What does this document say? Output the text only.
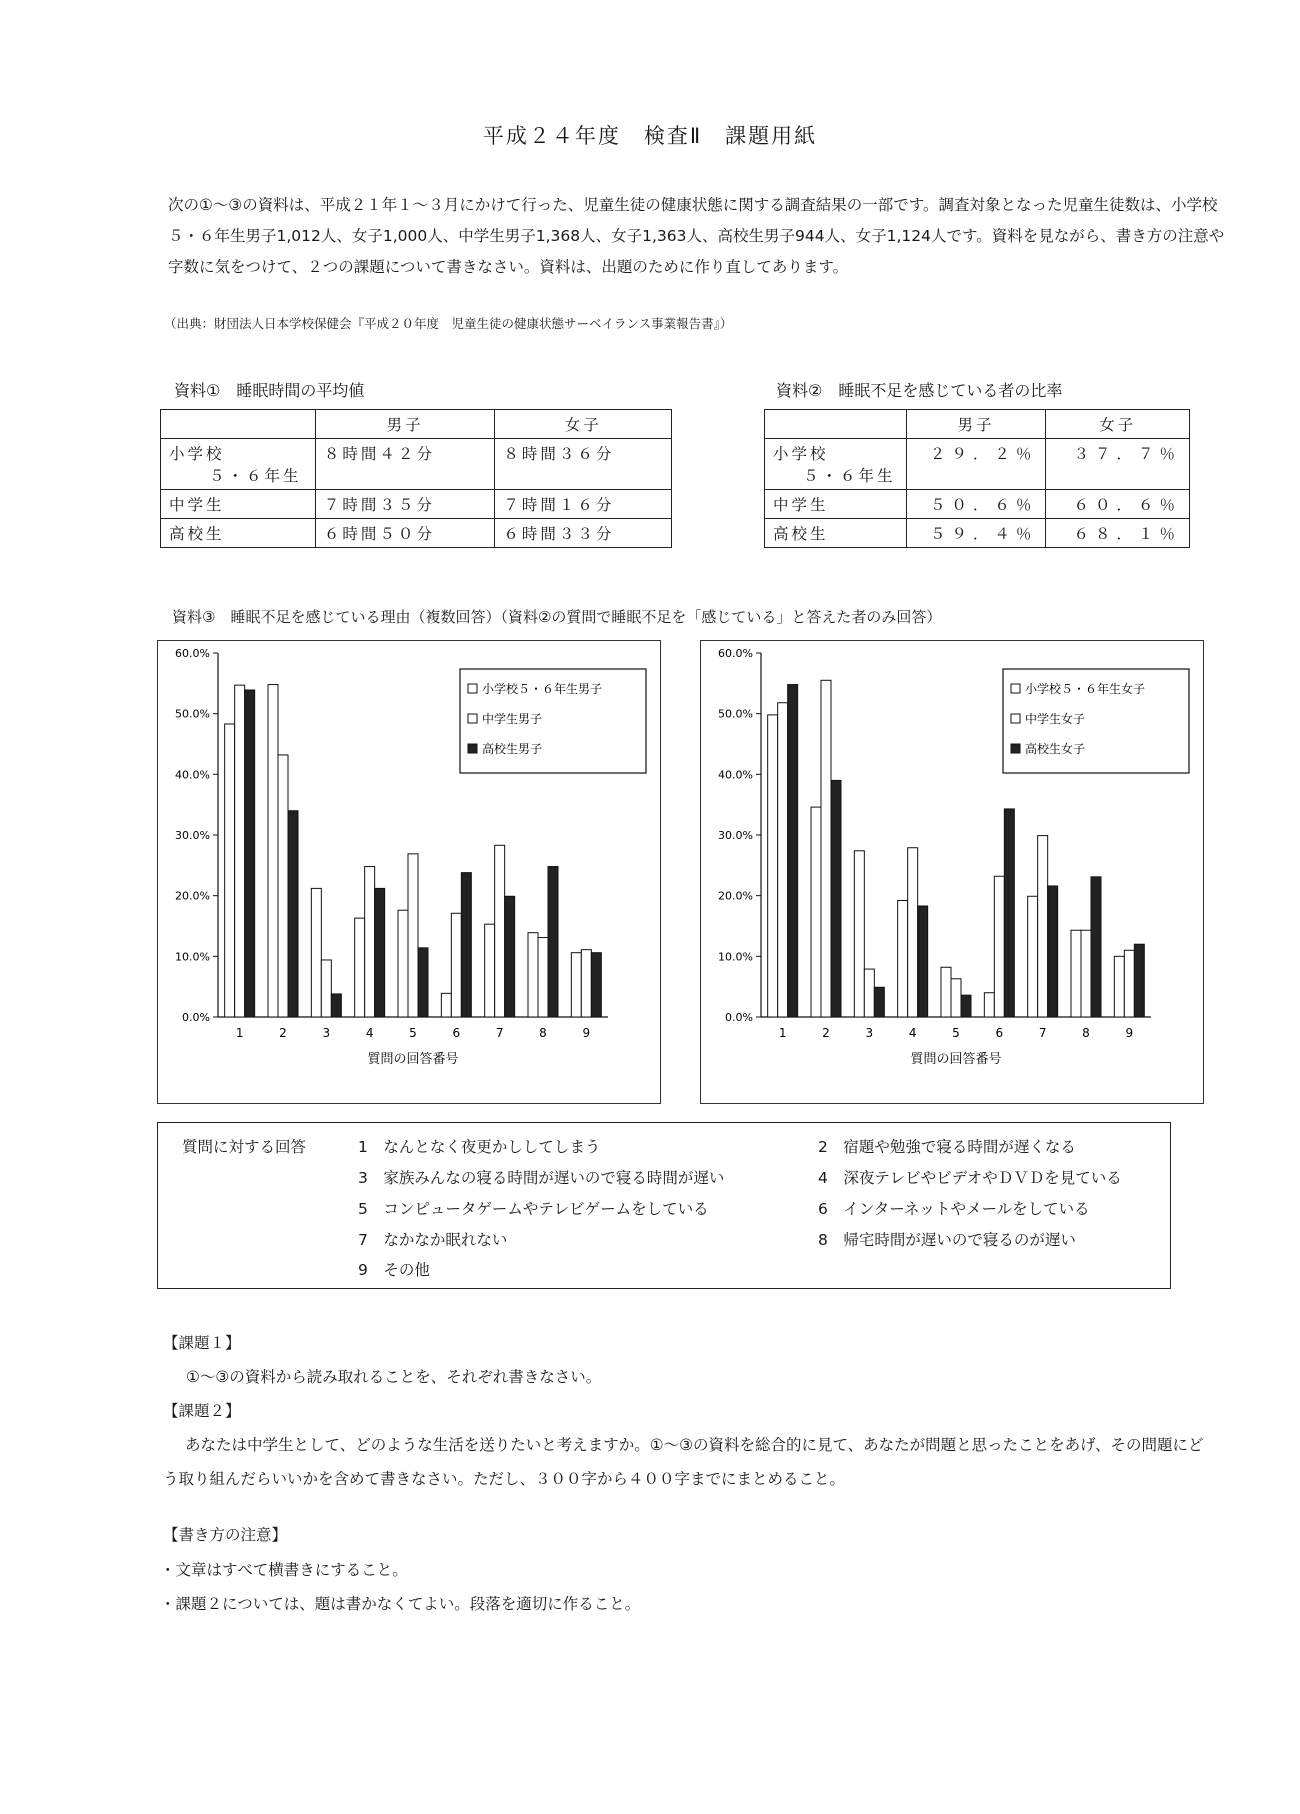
平成２４年度　検査Ⅱ　課題用紙
次の①～③の資料は、平成２１年１～３月にかけて行った、児童生徒の健康状態に関する調査結果の一部です。調査対象となった児童生徒数は、小学校５・６年生男子1,012人、女子1,000人、中学生男子1,368人、女子1,363人、高校生男子944人、女子1,124人です。資料を見ながら、書き方の注意や字数に気をつけて、２つの課題について書きなさい。資料は、出題のために作り直してあります。
（出典：財団法人日本学校保健会『平成２０年度　児童生徒の健康状態サーベイランス事業報告書』）
資料①　睡眠時間の平均値
	男子	女子

小学校
５・６年生	８時間４２分	８時間３６分
中学生	７時間３５分	７時間１６分
高校生	６時間５０分	６時間３３分
資料②　睡眠不足を感じている者の比率
	男子	女子

小学校
５・６年生	２９．２％	３７．７％
中学生	５０．６％	６０．６％
高校生	５９．４％	６８．１％
資料③　睡眠不足を感じている理由（複数回答）（資料②の質問で睡眠不足を「感じている」と答えた者のみ回答）
0.0%
10.0%
20.0%
30.0%
40.0%
50.0%
60.0%
1	2	3	4	5	6	7	8	9
質問の回答番号
小学校５・６年生男子
中学生男子
高校生男子
0.0%
10.0%
20.0%
30.0%
40.0%
50.0%
60.0%
1	2	3	4	5	6	7	8	9
質問の回答番号
小学校５・６年生女子
中学生女子
高校生女子
質問に対する回答	1　 なんとなく夜更かししてしまう	2　 宿題や勉強で寝る時間が遅くなる
3　 家族みんなの寝る時間が遅いので寝る時間が遅い	4　 深夜テレビやビデオやＤＶＤを見ている
5　 コンピュータゲームやテレビゲームをしている	6　 インターネットやメールをしている
7　 なかなか眠れない	8　 帰宅時間が遅いので寝るのが遅い
9　 その他
【課題１】
①～③の資料から読み取れることを、それぞれ書きなさい。
【課題２】
あなたは中学生として、どのような生活を送りたいと考えますか。①～③の資料を総合的に見て、あなたが問題と思ったことをあげ、その問題にどう取り組んだらいいかを含めて書きなさい。ただし、３００字から４００字までにまとめること。
【書き方の注意】
・文章はすべて横書きにすること。
・課題２については、題は書かなくてよい。段落を適切に作ること。
